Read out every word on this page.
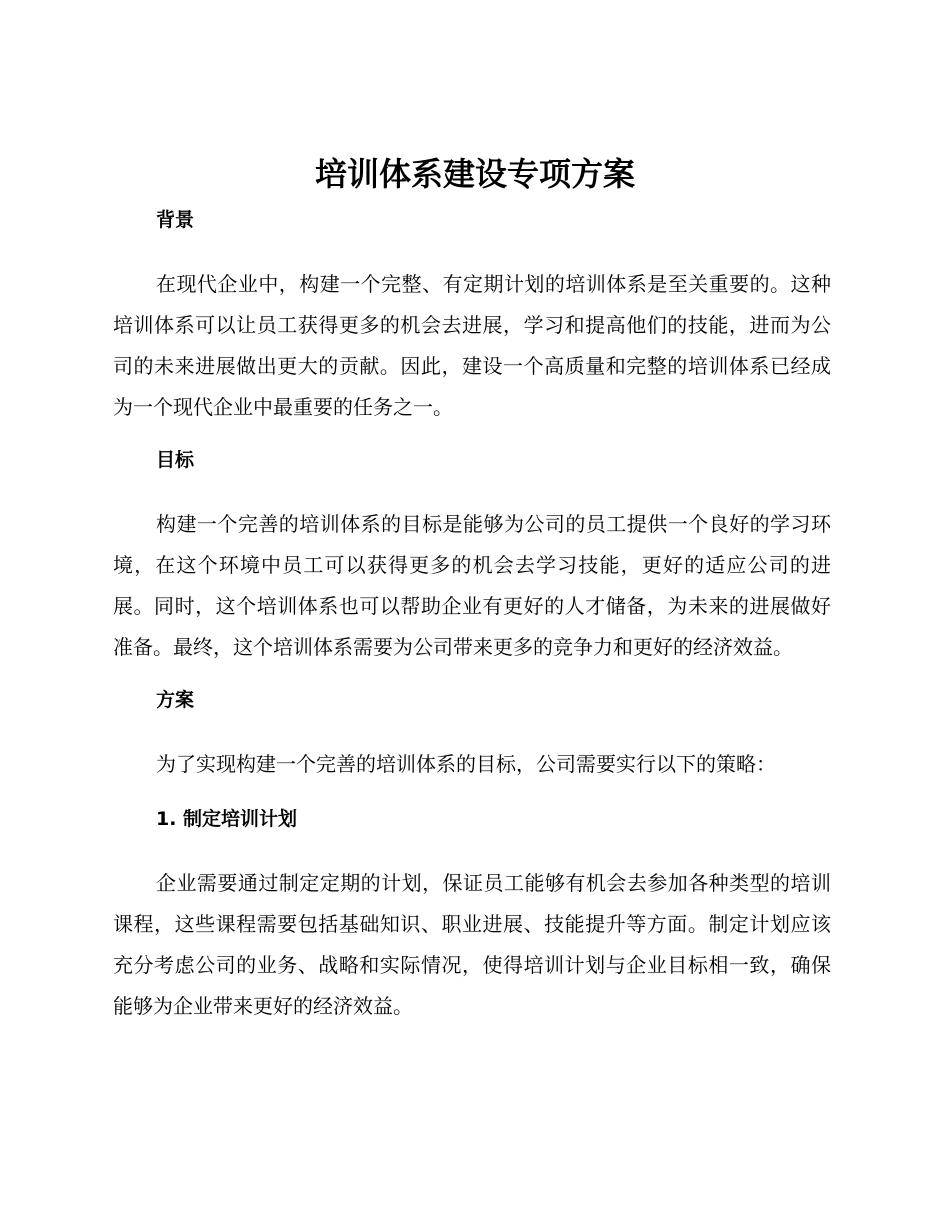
培训体系建设专项方案
背景

在现代企业中，构建一个完整、有定期计划的培训体系是至关重要的。这种培训体系可以让员工获得更多的机会去进展，学习和提高他们的技能，进而为公司的未来进展做出更大的贡献。因此，建设一个高质量和完整的培训体系已经成为一个现代企业中最重要的任务之一。

目标

构建一个完善的培训体系的目标是能够为公司的员工提供一个良好的学习环境，在这个环境中员工可以获得更多的机会去学习技能，更好的适应公司的进展。同时，这个培训体系也可以帮助企业有更好的人才储备，为未来的进展做好准备。最终，这个培训体系需要为公司带来更多的竞争力和更好的经济效益。

方案

为了实现构建一个完善的培训体系的目标，公司需要实行以下的策略：

1. 制定培训计划

企业需要通过制定定期的计划，保证员工能够有机会去参加各种类型的培训课程，这些课程需要包括基础知识、职业进展、技能提升等方面。制定计划应该充分考虑公司的业务、战略和实际情况，使得培训计划与企业目标相一致，确保能够为企业带来更好的经济效益。
